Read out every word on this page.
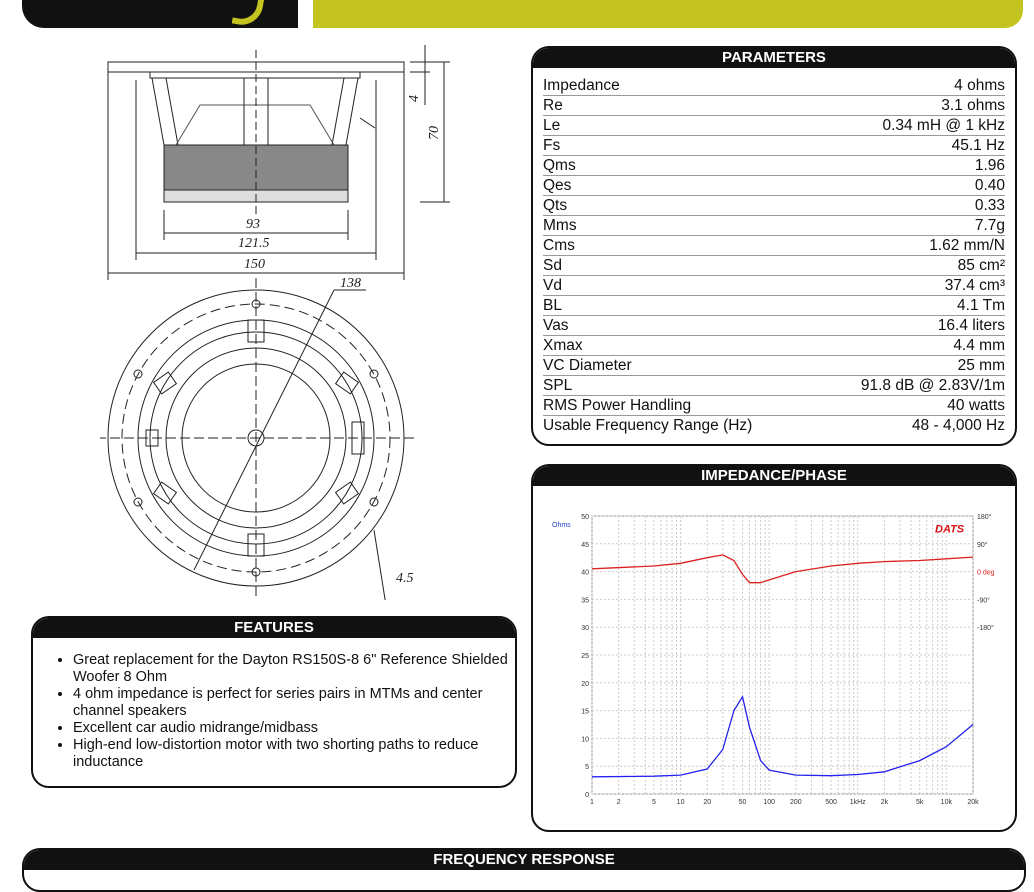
4
70
93
121.5
150
138
4.5
PARAMETERS
Impedance	4 ohms
Re	3.1 ohms
Le	0.34 mH @ 1 kHz
Fs	45.1 Hz
Qms	1.96
Qes	0.40
Qts	0.33
Mms	7.7g
Cms	1.62 mm/N
Sd	85 cm²
Vd	37.4 cm³
BL	4.1 Tm
Vas	16.4 liters
Xmax	4.4 mm
VC Diameter	25 mm
SPL	91.8 dB @ 2.83V/1m
RMS Power Handling	40 watts
Usable Frequency Range (Hz)	48 - 4,000 Hz
FEATURES
• Great replacement for the Dayton RS150S-8 6" Reference Shielded Woofer 8 Ohm
• 4 ohm impedance is perfect for series pairs in MTMs and center channel speakers
• Excellent car audio midrange/midbass
• High-end low-distortion motor with two shorting paths to reduce inductance
IMPEDANCE/PHASE
0
5
10
15
20
25
30
35
40
45
50
1	2	5	10	20	50 100 200	500 1kHz 2k	5k 10k 20k
180°
90°
0 deg
-90°
-180°
Ohms	DATS
FREQUENCY RESPONSE
